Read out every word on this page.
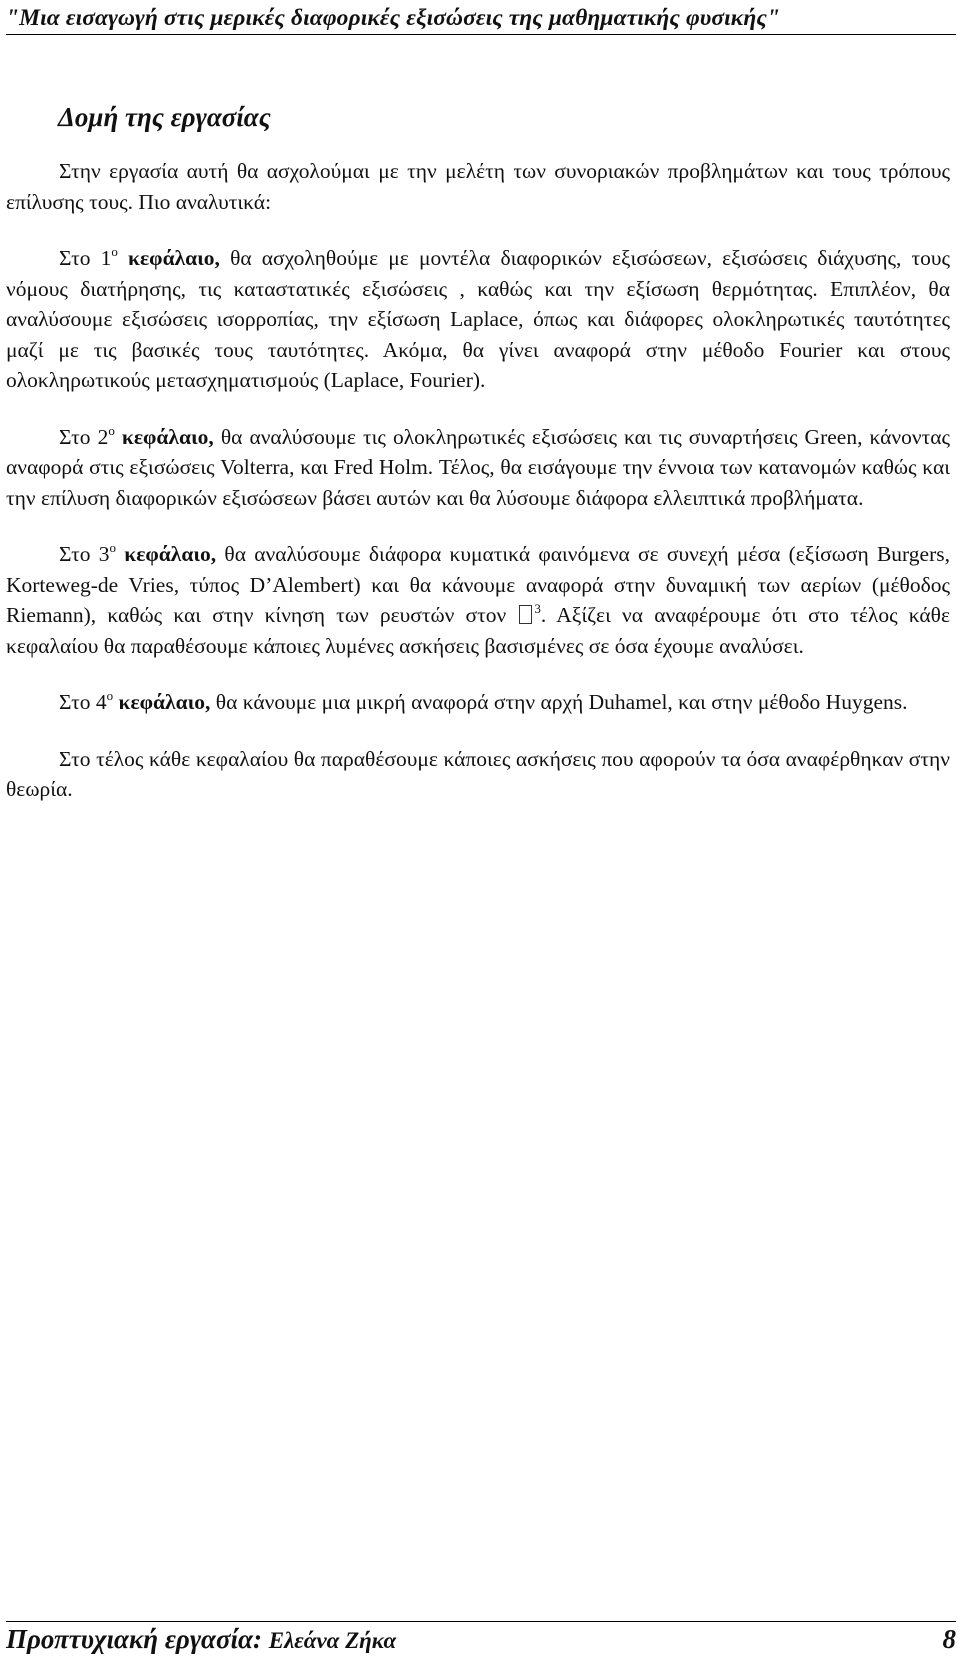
"Μια εισαγωγή στις μερικές διαφορικές εξισώσεις της μαθηματικής φυσικής"
Δομή της εργασίας

Στην εργασία αυτή θα ασχολούμαι με την μελέτη των συνοριακών προβλημάτων και τους τρόπους επίλυσης τους. Πιο αναλυτικά:

Στο $1^o$ κεφάλαιο, θα ασχοληθούμε με μοντέλα διαφορικών εξισώσεων, εξισώσεις διάχυσης, τους νόμους διατήρησης, τις καταστατικές εξισώσεις , καθώς και την εξίσωση θερμότητας. Επιπλέον, θα αναλύσουμε εξισώσεις ισορροπίας, την εξίσωση Laplace, όπως και διάφορες ολοκληρωτικές ταυτότητες μαζί με τις βασικές τους ταυτότητες. Ακόμα, θα γίνει αναφορά στην μέθοδο Fourier και στους ολοκληρωτικούς μετασχηματισμούς (Laplace, Fourier).

Στο $2^o$ κεφάλαιο, θα αναλύσουμε τις ολοκληρωτικές εξισώσεις και τις συναρτήσεις Green, κάνοντας αναφορά στις εξισώσεις Volterra, και Fred Holm. Τέλος, θα εισάγουμε την έννοια των κατανομών καθώς και την επίλυση διαφορικών εξισώσεων βάσει αυτών και θα λύσουμε διάφορα ελλειπτικά προβλήματα.

Στο $3^o$ κεφάλαιο, θα αναλύσουμε διάφορα κυματικά φαινόμενα σε συνεχή μέσα (εξίσωση Burgers, Korteweg-de Vries, τύπος D’Alembert) και θα κάνουμε αναφορά στην δυναμική των αερίων (μέθοδος Riemann), καθώς και στην κίνηση των ρευστών στον $^3$. Αξίζει να αναφέρουμε ότι στο τέλος κάθε κεφαλαίου θα παραθέσουμε κάποιες λυμένες ασκήσεις βασισμένες σε όσα έχουμε αναλύσει.

Στο $4^o$ κεφάλαιο, θα κάνουμε μια μικρή αναφορά στην αρχή Duhamel, και στην μέθοδο Huygens.

Στο τέλος κάθε κεφαλαίου θα παραθέσουμε κάποιες ασκήσεις που αφορούν τα όσα αναφέρθηκαν στην θεωρία.

Προπτυχιακή εργασία: Ελεάνα Ζήκα	8
